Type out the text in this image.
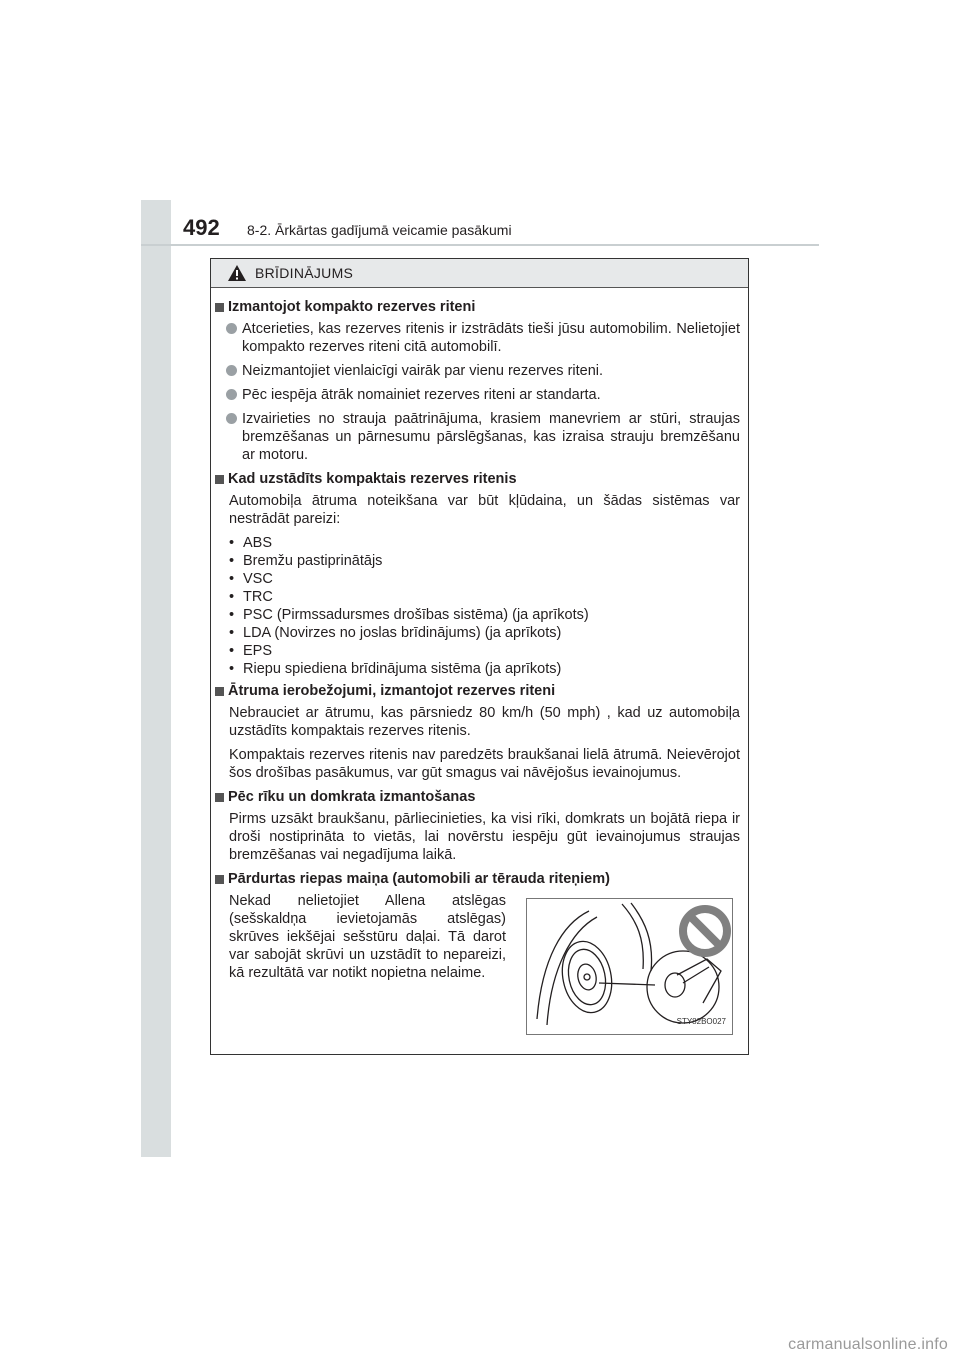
492 8-2. Ārkārtas gadījumā veicamie pasākumi
BRĪDINĀJUMS
Izmantojot kompakto rezerves riteni
Atcerieties, kas rezerves ritenis ir izstrādāts tieši jūsu automobilim. Nelietojiet kompakto rezerves riteni citā automobilī.
Neizmantojiet vienlaicīgi vairāk par vienu rezerves riteni.
Pēc iespēja ātrāk nomainiet rezerves riteni ar standarta.
Izvairieties no strauja paātrinājuma, krasiem manevriem ar stūri, straujas bremzēšanas un pārnesumu pārslēgšanas, kas izraisa strauju bremzēšanu ar motoru.
Kad uzstādīts kompaktais rezerves ritenis
Automobiļa ātruma noteikšana var būt kļūdaina, un šādas sistēmas var nestrādāt pareizi:
• ABS
• Bremžu pastiprinātājs
• VSC
• TRC
• PSC (Pirmssadursmes drošības sistēma) (ja aprīkots)
• LDA (Novirzes no joslas brīdinājums) (ja aprīkots)
• EPS
• Riepu spiediena brīdinājuma sistēma (ja aprīkots)
Ātruma ierobežojumi, izmantojot rezerves riteni
Nebrauciet ar ātrumu, kas pārsniedz 80 km/h (50 mph) , kad uz automobiļa uzstādīts kompaktais rezerves ritenis.
Kompaktais rezerves ritenis nav paredzēts braukšanai lielā ātrumā. Neievērojot šos drošības pasākumus, var gūt smagus vai nāvējošus ievainojumus.
Pēc rīku un domkrata izmantošanas
Pirms uzsākt braukšanu, pārliecinieties, ka visi rīki, domkrats un bojātā riepa ir droši nostiprināta to vietās, lai novērstu iespēju gūt ievainojumus straujas bremzēšanas vai negadījuma laikā.
Pārdurtas riepas maiņa (automobili ar tērauda riteņiem)
Nekad nelietojiet Allena atslēgas (sešskaldņa ievietojamās atslēgas) skrūves iekšējai sešstūru daļai. Tā darot var sabojāt skrūvi un uzstādīt to nepareizi, kā rezultātā var notikt nopietna nelaime.
STY82BO027
carmanualsonline.info
